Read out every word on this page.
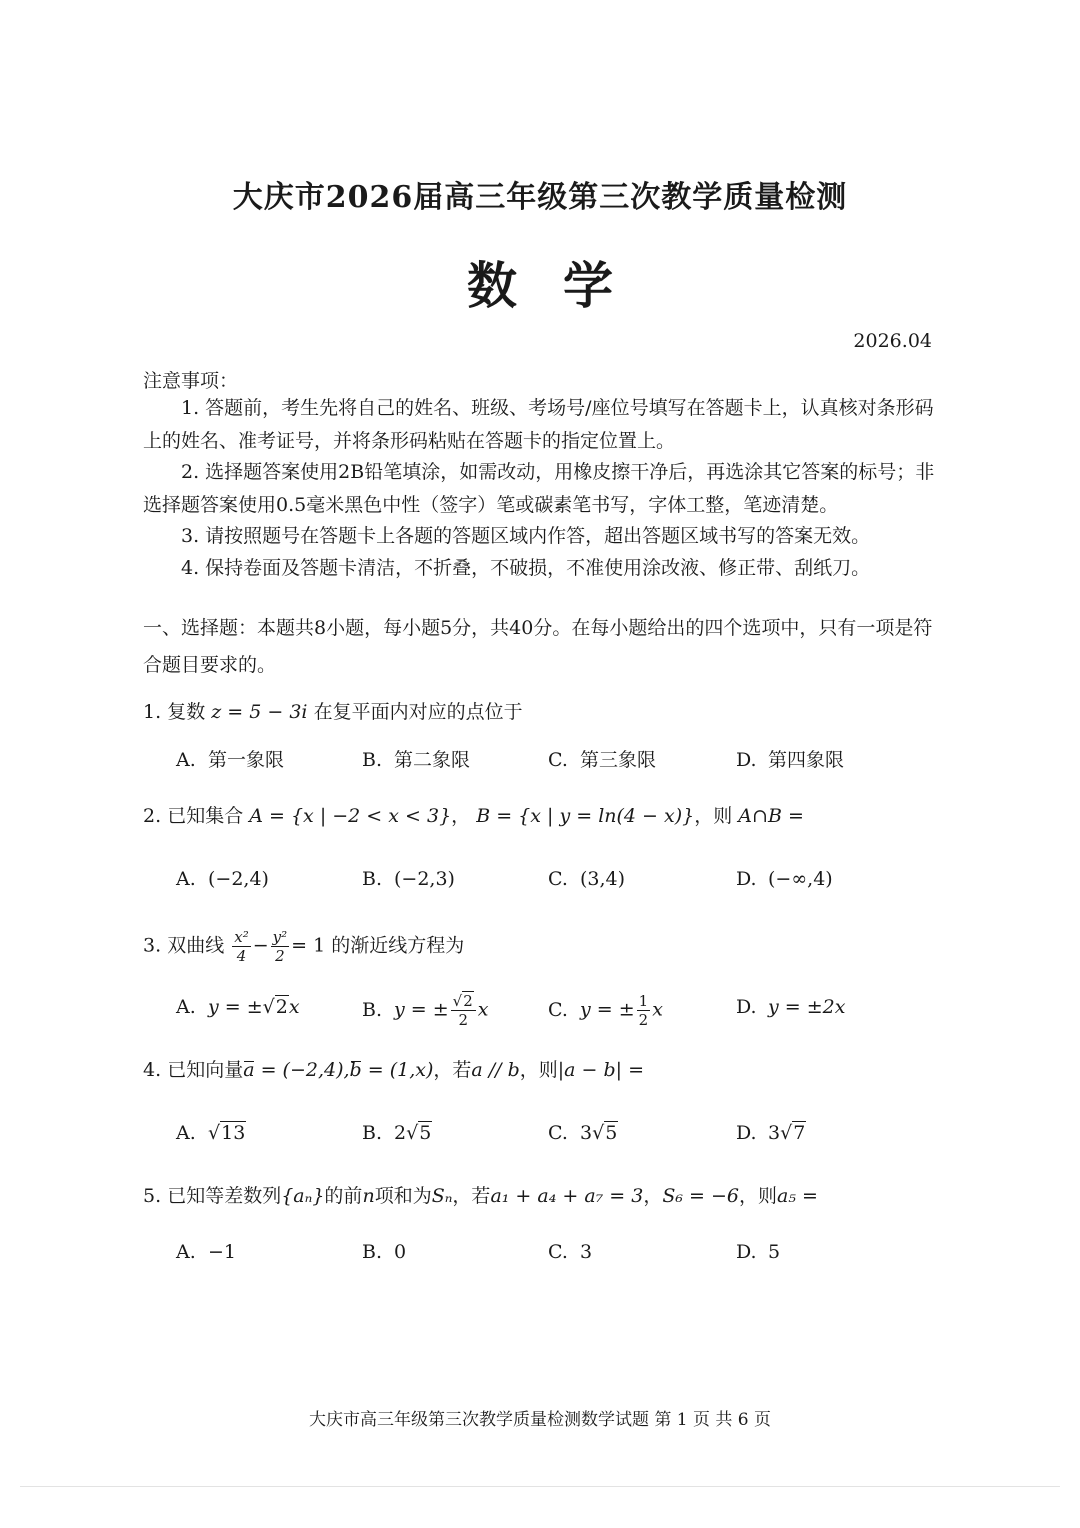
大庆市2026届高三年级第三次教学质量检测
数学
2026.04
注意事项：
1. 答题前，考生先将自己的姓名、班级、考场号/座位号填写在答题卡上，认真核对条形码上的姓名、准考证号，并将条形码粘贴在答题卡的指定位置上。
2. 选择题答案使用2B铅笔填涂，如需改动，用橡皮擦干净后，再选涂其它答案的标号；非选择题答案使用0.5毫米黑色中性（签字）笔或碳素笔书写，字体工整，笔迹清楚。
3. 请按照题号在答题卡上各题的答题区域内作答，超出答题区域书写的答案无效。
4. 保持卷面及答题卡清洁，不折叠，不破损，不准使用涂改液、修正带、刮纸刀。
一、选择题：本题共8小题，每小题5分，共40分。在每小题给出的四个选项中，只有一项是符合题目要求的。
1. 复数 z = 5 − 3i 在复平面内对应的点位于
A. 第一象限	B. 第二象限	C. 第三象限	D. 第四象限
2. 已知集合 A = {x | −2 < x < 3}， B = {x | y = ln(4 − x)}，则 A∩B =
A. (−2,4)	B. (−2,3)	C. (3,4)	D. (−∞,4)
3. 双曲线 $\frac{\text{x²}}{4} - \frac{\text{y²}}{2} = 1$ 的渐近线方程为
A. y = ±√2x	B. y = ± $\frac{√2}{2}$ x	C. y = ± $\frac{1}{2}$ x	D. y = ±2x
4. 已知向量a = (−2,4),b = (1,x)，若a // b，则|a − b| =
A. √13	B. 2√5	C. 3√5	D. 3√7
5. 已知等差数列{aₙ}的前n项和为Sₙ，若a₁ + a₄ + a₇ = 3，S₆ = −6，则a₅ =
A. −1	B. 0	C. 3	D. 5
大庆市高三年级第三次教学质量检测数学试题 第 1 页 共 6 页
